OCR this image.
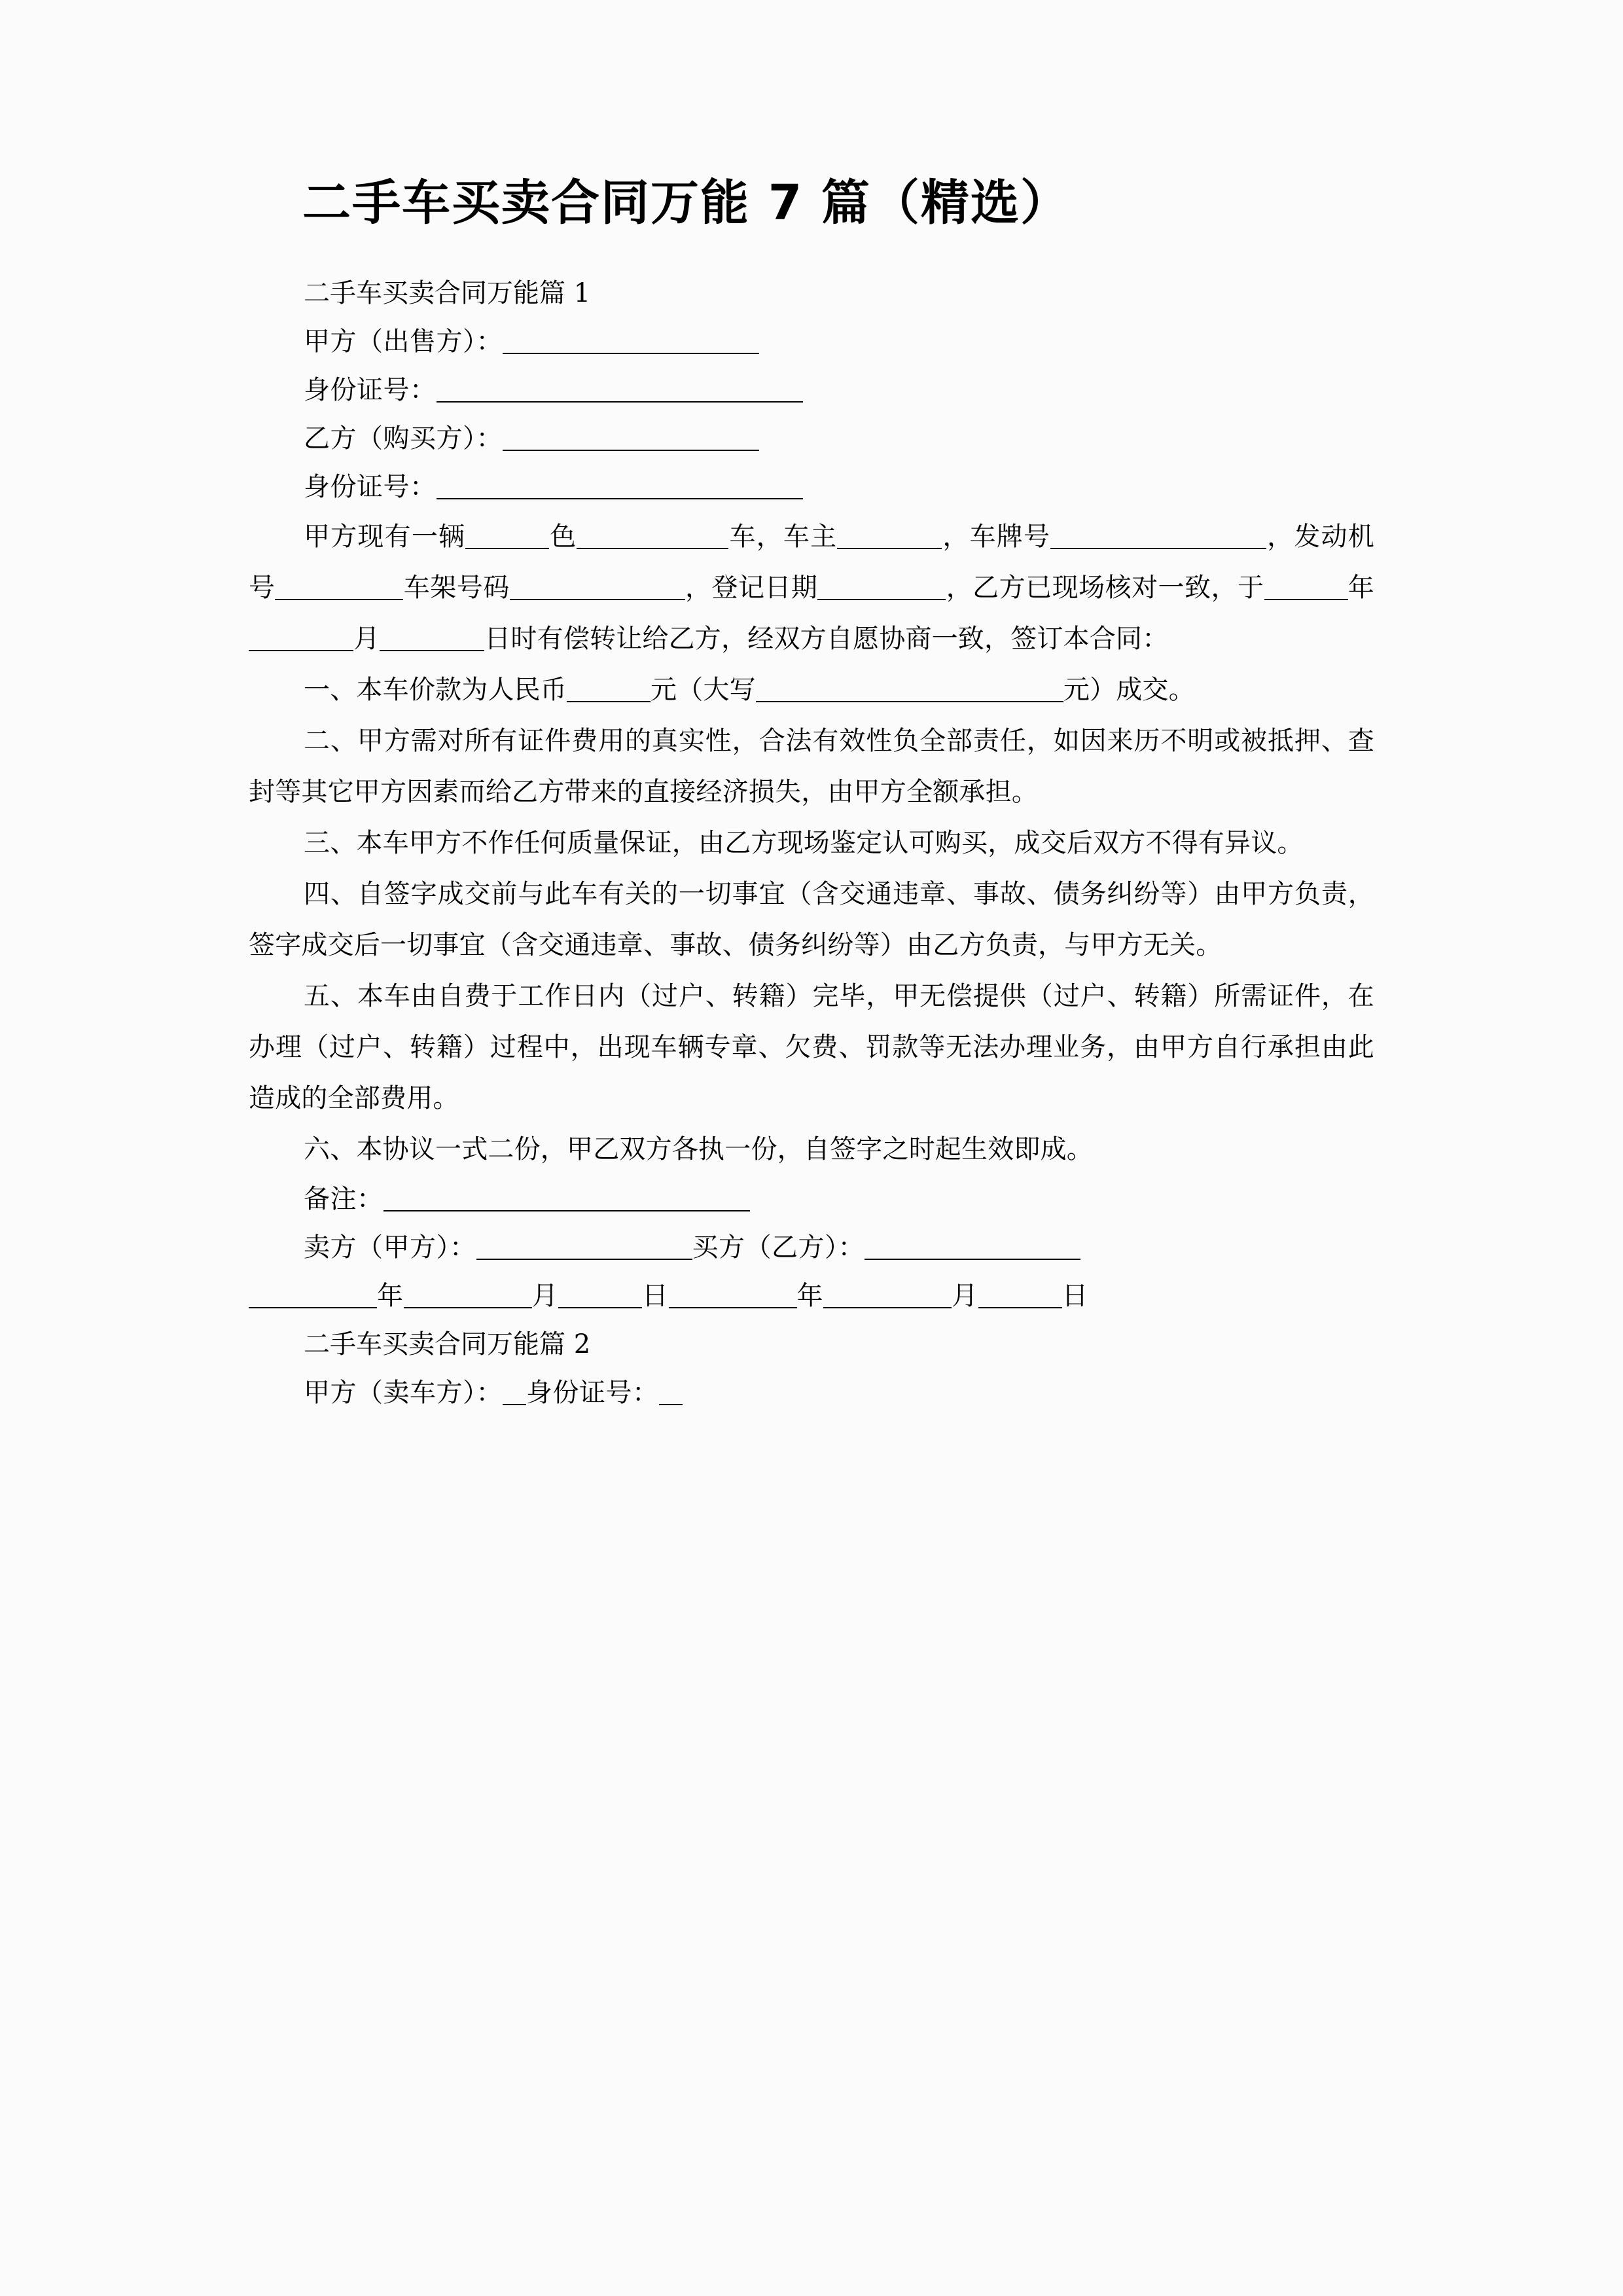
二手车买卖合同万能 7 篇（精选）
二手车买卖合同万能篇 1
甲方（出售方）：
身份证号：
乙方（购买方）：
身份证号：

甲方现有一辆	色	车，车主	，车牌号	，发动机号	车架号码	，登记日期	，乙方已现场核对一致，于	年月	日时有偿转让给乙方，经双方自愿协商一致，签订本合同：

一、本车价款为人民币	元（大写	元）成交。

二、甲方需对所有证件费用的真实性，合法有效性负全部责任，如因来历不明或被抵押、查封等其它甲方因素而给乙方带来的直接经济损失，由甲方全额承担。

三、本车甲方不作任何质量保证，由乙方现场鉴定认可购买，成交后双方不得有异议。

四、自签字成交前与此车有关的一切事宜（含交通违章、事故、债务纠纷等）由甲方负责，签字成交后一切事宜（含交通违章、事故、债务纠纷等）由乙方负责，与甲方无关。

五、本车由自费于工作日内（过户、转籍）完毕，甲无偿提供（过户、转籍）所需证件，在办理（过户、转籍）过程中，出现车辆专章、欠费、罚款等无法办理业务，由甲方自行承担由此造成的全部费用。

六、本协议一式二份，甲乙双方各执一份，自签字之时起生效即成。

备注：
卖方（甲方）：	买方（乙方）：
年	月	日	年	月	日
二手车买卖合同万能篇 2
甲方（卖车方）： 身份证号：
